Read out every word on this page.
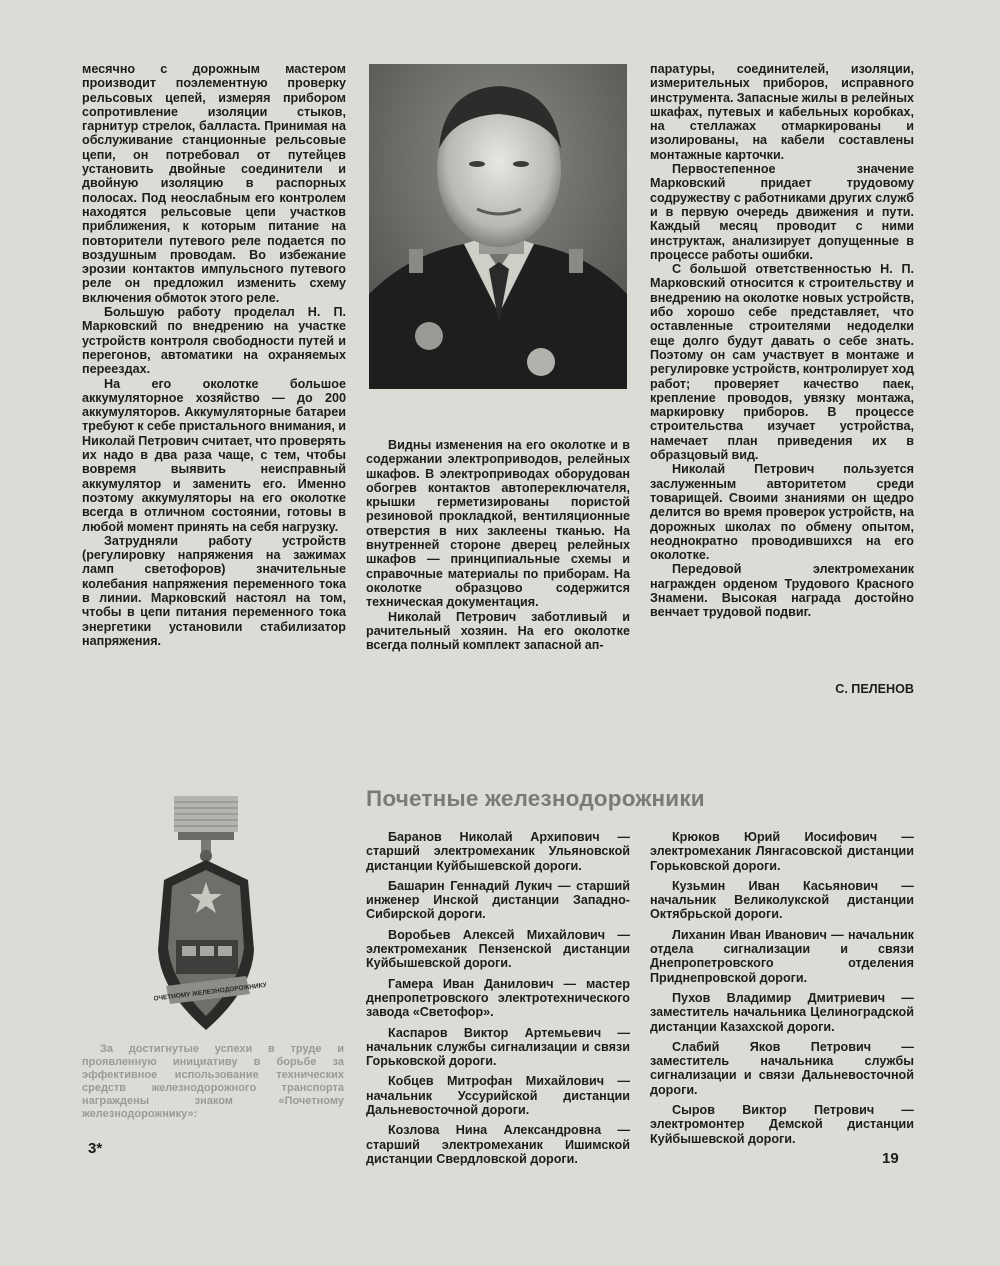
месячно с дорожным мастером производит поэлементную проверку рельсовых цепей, измеряя прибором сопротивление изоляции стыков, гарнитур стрелок, балласта. Принимая на обслуживание станционные рельсовые цепи, он потребовал от путейцев установить двойные соединители и двойную изоляцию в распорных полосах. Под неослабным его контролем находятся рельсовые цепи участков приближения, к которым питание на повторители путевого реле подается по воздушным проводам. Во избежание эрозии контактов импульсного путевого реле он предложил изменить схему включения обмоток этого реле.

Большую работу проделал Н. П. Марковский по внедрению на участке устройств контроля свободности путей и перегонов, автоматики на охраняемых переездах.

На его околотке большое аккумуляторное хозяйство — до 200 аккумуляторов. Аккумуляторные батареи требуют к себе пристального внимания, и Николай Петрович считает, что проверять их надо в два раза чаще, с тем, чтобы вовремя выявить неисправный аккумулятор и заменить его. Именно поэтому аккумуляторы на его околотке всегда в отличном состоянии, готовы в любой момент принять на себя нагрузку.

Затрудняли работу устройств (регулировку напряжения на зажимах ламп светофоров) значительные колебания напряжения переменного тока в линии. Марковский настоял на том, чтобы в цепи питания переменного тока энергетики установили стабилизатор напряжения.

Видны изменения на его околотке и в содержании электроприводов, релейных шкафов. В электроприводах оборудован обогрев контактов автопереключателя, крышки герметизированы пористой резиновой прокладкой, вентиляционные отверстия в них заклеены тканью. На внутренней стороне дверец релейных шкафов — принципиальные схемы и справочные материалы по приборам. На околотке образцово содержится техническая документация.

Николай Петрович заботливый и рачительный хозяин. На его околотке всегда полный комплект запасной ап-

паратуры, соединителей, изоляции, измерительных приборов, исправного инструмента. Запасные жилы в релейных шкафах, путевых и кабельных коробках, на стеллажах отмаркированы и изолированы, на кабели составлены монтажные карточки.

Первостепенное значение Марковский придает трудовому содружеству с работниками других служб и в первую очередь движения и пути. Каждый месяц проводит с ними инструктаж, анализирует допущенные в процессе работы ошибки.

С большой ответственностью Н. П. Марковский относится к строительству и внедрению на околотке новых устройств, ибо хорошо себе представляет, что оставленные строителями недоделки еще долго будут давать о себе знать. Поэтому он сам участвует в монтаже и регулировке устройств, контролирует ход работ; проверяет качество паек, крепление проводов, увязку монтажа, маркировку приборов. В процессе строительства изучает устройства, намечает план приведения их в образцовый вид.

Николай Петрович пользуется заслуженным авторитетом среди товарищей. Своими знаниями он щедро делится во время проверок устройств, на дорожных школах по обмену опытом, неоднократно проводившихся на его околотке.

Передовой электромеханик награжден орденом Трудового Красного Знамени. Высокая награда достойно венчает трудовой подвиг.

С. ПЕЛЕНОВ
Почетные железнодорожники
ПОЧЕТНОМУ ЖЕЛЕЗНОДОРОЖНИКУ

За достигнутые успехи в труде и проявленную инициативу в борьбе за эффективное использование технических средств железнодорожного транспорта награждены знаком «Почетному железнодорожнику»:

Баранов Николай Архипович — старший электромеханик Ульяновской дистанции Куйбышевской дороги.

Башарин Геннадий Лукич — старший инженер Инской дистанции Западно-Сибирской дороги.

Воробьев Алексей Михайлович — электромеханик Пензенской дистанции Куйбышевской дороги.

Гамера Иван Данилович — мастер днепропетровского электротехнического завода «Светофор».

Каспаров Виктор Артемьевич — начальник службы сигнализации и связи Горьковской дороги.

Кобцев Митрофан Михайлович — начальник Уссурийской дистанции Дальневосточной дороги.

Козлова Нина Александровна — старший электромеханик Ишимской дистанции Свердловской дороги.

Крюков Юрий Иосифович — электромеханик Лянгасовской дистанции Горьковской дороги.

Кузьмин Иван Касьянович — начальник Великолукской дистанции Октябрьской дороги.

Лиханин Иван Иванович — начальник отдела сигнализации и связи Днепропетровского отделения Приднепровской дороги.

Пухов Владимир Дмитриевич — заместитель начальника Целиноградской дистанции Казахской дороги.

Слабий Яков Петрович — заместитель начальника службы сигнализации и связи Дальневосточной дороги.

Сыров Виктор Петрович — электромонтер Демской дистанции Куйбышевской дороги.

3*
19
